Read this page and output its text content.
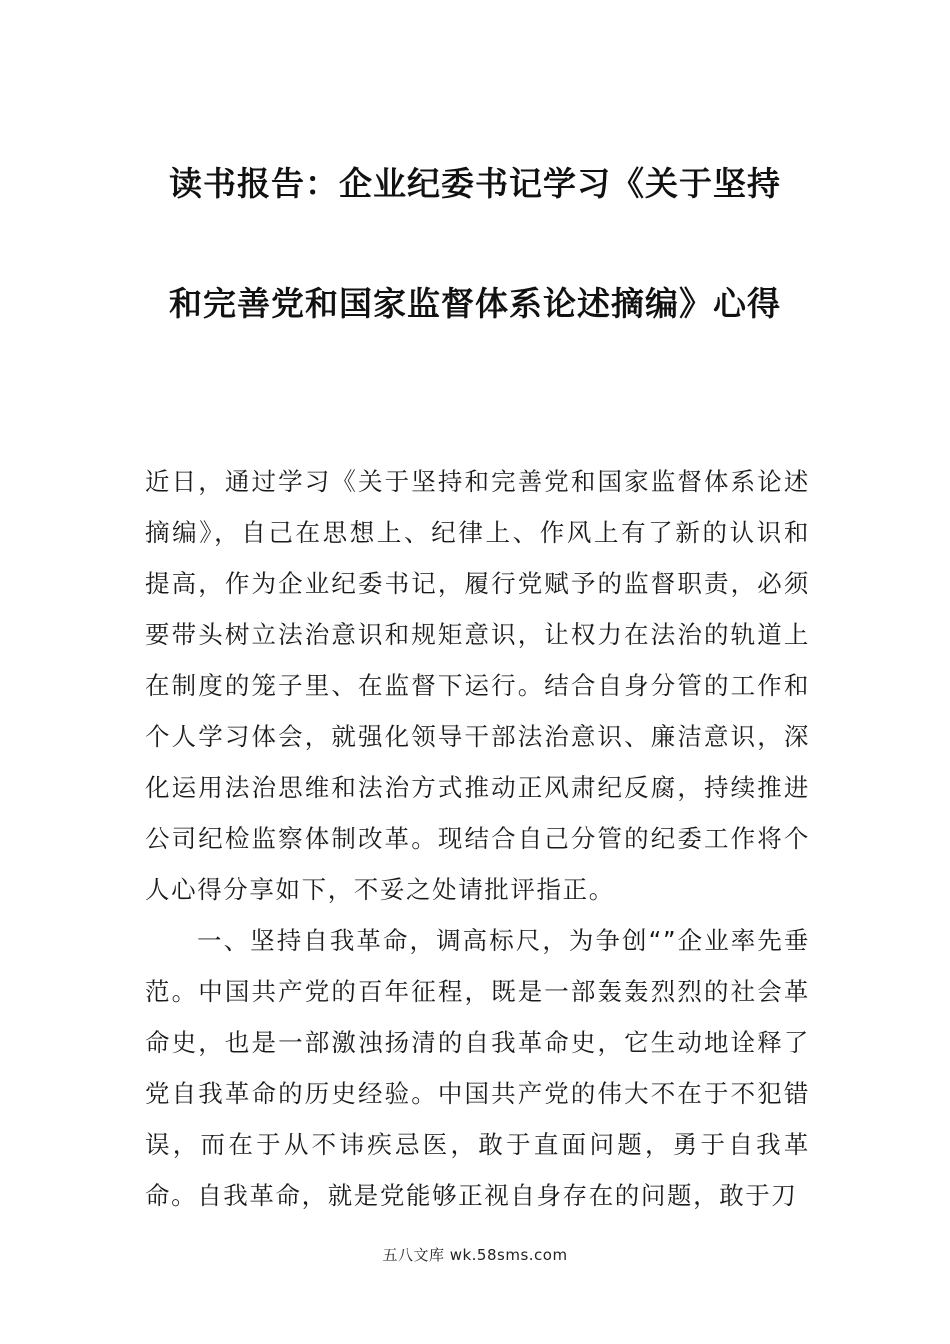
读书报告：企业纪委书记学习《关于坚持
和完善党和国家监督体系论述摘编》心得

近日，通过学习《关于坚持和完善党和国家监督体系论述摘编》，自己在思想上、纪律上、作风上有了新的认识和提高，作为企业纪委书记，履行党赋予的监督职责，必须要带头树立法治意识和规矩意识，让权力在法治的轨道上在制度的笼子里、在监督下运行。结合自身分管的工作和个人学习体会，就强化领导干部法治意识、廉洁意识，深化运用法治思维和法治方式推动正风肃纪反腐，持续推进公司纪检监察体制改革。现结合自己分管的纪委工作将个人心得分享如下，不妥之处请批评指正。

一、坚持自我革命，调高标尺，为争创“”企业率先垂范。中国共产党的百年征程，既是一部轰轰烈烈的社会革命史，也是一部激浊扬清的自我革命史，它生动地诠释了党自我革命的历史经验。中国共产党的伟大不在于不犯错误，而在于从不讳疾忌医，敢于直面问题，勇于自我革命。自我革命，就是党能够正视自身存在的问题，敢于刀

五八文库 wk.58sms.com
